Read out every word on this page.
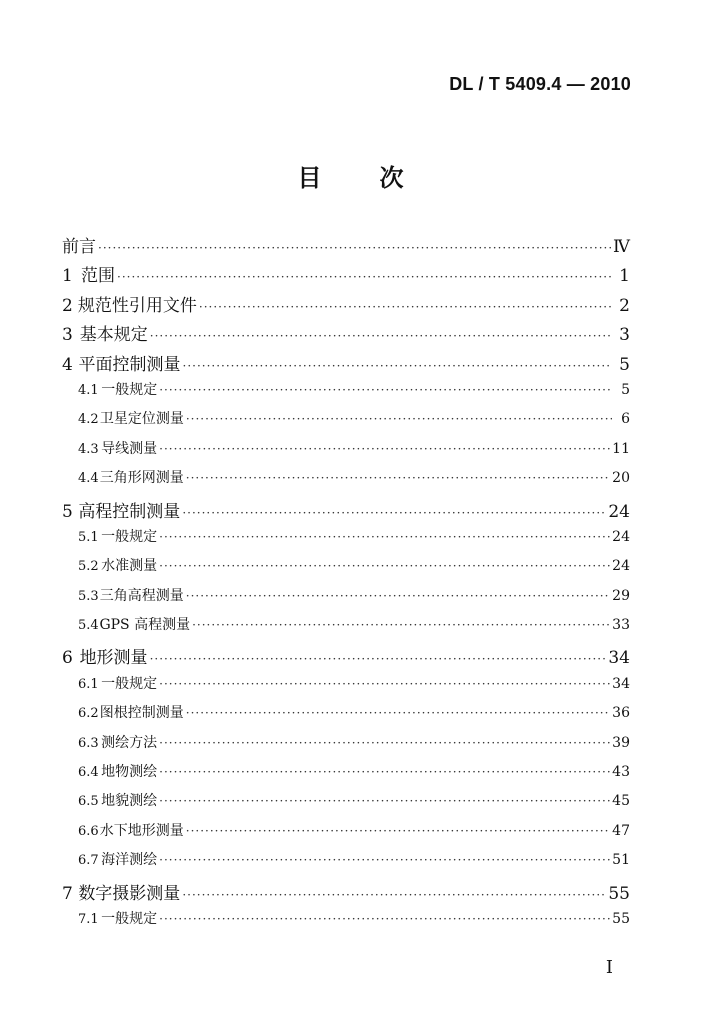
DL / T 5409.4 — 2010
目次
前言 ·····	Ⅳ
1 范围 ·····	1
2 规范性引用文件 ·····	2
3 基本规定 ·····	3
4 平面控制测量 ·····	5
4.1 一般规定 ·····	5
4.2 卫星定位测量 ·····	6
4.3 导线测量 ·····	11
4.4 三角形网测量 ·····	20
5 高程控制测量 ·····	24
5.1 一般规定 ·····	24
5.2 水准测量 ·····	24
5.3 三角高程测量 ·····	29
5.4 GPS 高程测量 ·····	33
6 地形测量 ·····	34
6.1 一般规定 ·····	34
6.2 图根控制测量 ·····	36
6.3 测绘方法 ·····	39
6.4 地物测绘 ·····	43
6.5 地貌测绘 ·····	45
6.6 水下地形测量 ·····	47
6.7 海洋测绘 ·····	51
7 数字摄影测量 ·····	55
7.1 一般规定 ·····	55
I
